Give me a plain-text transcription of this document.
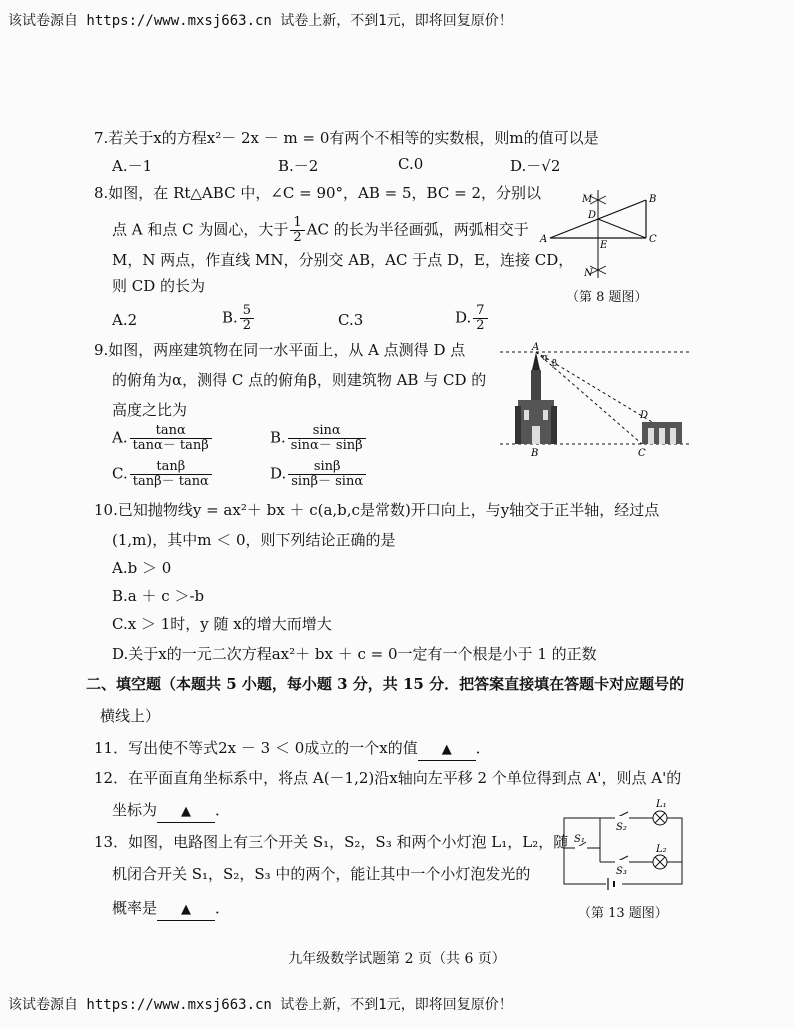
该试卷源自 https://www.mxsj663.cn 试卷上新，不到1元，即将回复原价！
7.若关于x的方程x²－ 2x － m = 0有两个不相等的实数根，则m的值可以是
A.－1	B.－2	C.0	D.－√2
8.如图，在 Rt△ABC 中，∠C = 90°，AB = 5，BC = 2，分别以
点 A 和点 C 为圆心，大于 $\frac{1}{2}$ AC 的长为半径画弧，两弧相交于
M，N 两点，作直线 MN，分别交 AB，AC 于点 D，E，连接 CD，
则 CD 的长为
A.2	B. $\frac{5}{2}$	C.3	D. $\frac{7}{2}$
M
D
B
A
E
C
N
（第 8 题图）
9.如图，两座建筑物在同一水平面上，从 A 点测得 D 点
的俯角为α，测得 C 点的俯角β，则建筑物 AB 与 CD 的
高度之比为
A. $\frac{\tan\alpha}{\tan\alpha- \tan\beta}$	B. $\frac{\sin\alpha}{\sin\alpha- \sin\beta}$
C. $\frac{\tan\beta}{\tan\beta- \tan\alpha}$	D. $\frac{\sin\beta}{\sin\beta- \sin\alpha}$
A
α
β
B	C
D
10.已知抛物线y = ax²＋ bx ＋ c(a,b,c是常数)开口向上，与y轴交于正半轴，经过点
(1,m)，其中m ＜ 0，则下列结论正确的是
A.b ＞ 0
B.a ＋ c ＞-b
C.x ＞ 1时，y 随 x的增大而增大
D.关于x的一元二次方程ax²＋ bx ＋ c = 0一定有一个根是小于 1 的正数
二、填空题（本题共 5 小题，每小题 3 分，共 15 分．把答案直接填在答题卡对应题号的
横线上）
11．写出使不等式2x － 3 ＜ 0成立的一个x的值 ▲ ．
12．在平面直角坐标系中，将点 A(－1,2)沿x轴向左平移 2 个单位得到点 A'，则点 A'的
坐标为 ▲ ．
13．如图，电路图上有三个开关 S₁，S₂，S₃ 和两个小灯泡 L₁，L₂，随
机闭合开关 S₁，S₂，S₃ 中的两个，能让其中一个小灯泡发光的
概率是 ▲ ．
L₁
L₂
S₂
S₁
S₃
（第 13 题图）
九年级数学试题第 2 页（共 6 页）
该试卷源自 https://www.mxsj663.cn 试卷上新，不到1元，即将回复原价！
